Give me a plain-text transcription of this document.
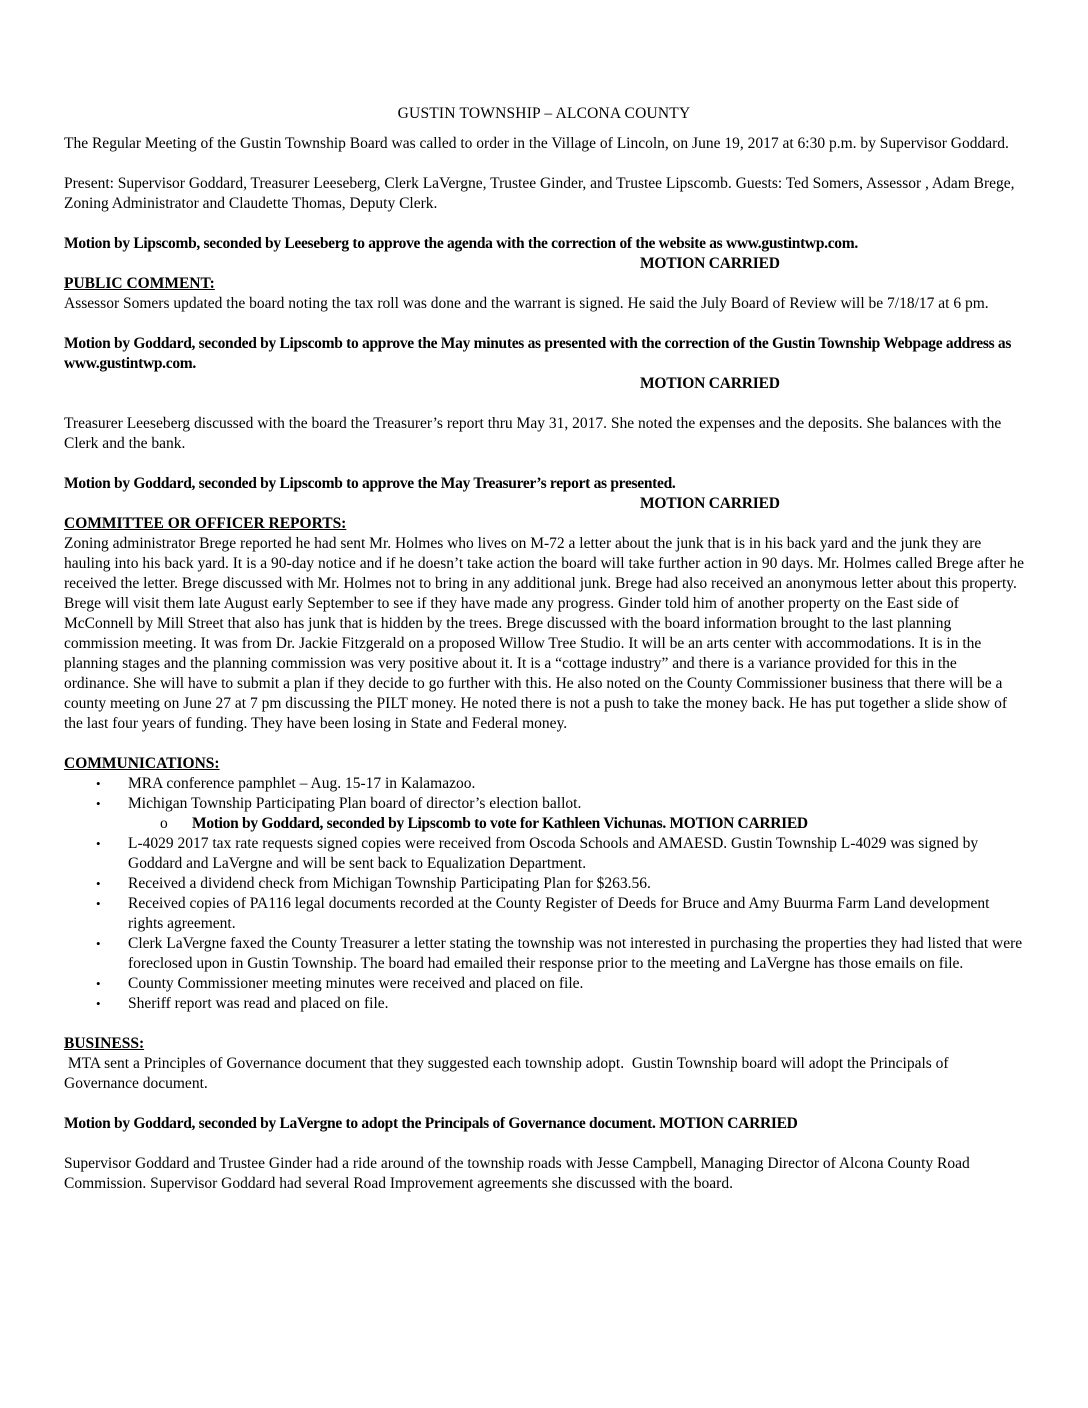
GUSTIN TOWNSHIP – ALCONA COUNTY

The Regular Meeting of the Gustin Township Board was called to order in the Village of Lincoln, on June 19, 2017 at 6:30 p.m. by Supervisor Goddard.

Present: Supervisor Goddard, Treasurer Leeseberg, Clerk LaVergne, Trustee Ginder, and Trustee Lipscomb. Guests: Ted Somers, Assessor , Adam Brege, Zoning Administrator and Claudette Thomas, Deputy Clerk.

Motion by Lipscomb, seconded by Leeseberg to approve the agenda with the correction of the website as www.gustintwp.com.

MOTION CARRIED

PUBLIC COMMENT:

Assessor Somers updated the board noting the tax roll was done and the warrant is signed. He said the July Board of Review will be 7/18/17 at 6 pm.

Motion by Goddard, seconded by Lipscomb to approve the May minutes as presented with the correction of the Gustin Township Webpage address as www.gustintwp.com.

MOTION CARRIED

Treasurer Leeseberg discussed with the board the Treasurer’s report thru May 31, 2017. She noted the expenses and the deposits. She balances with the Clerk and the bank.

Motion by Goddard, seconded by Lipscomb to approve the May Treasurer’s report as presented.

MOTION CARRIED

COMMITTEE OR OFFICER REPORTS:

Zoning administrator Brege reported he had sent Mr. Holmes who lives on M-72 a letter about the junk that is in his back yard and the junk they are hauling into his back yard. It is a 90-day notice and if he doesn’t take action the board will take further action in 90 days. Mr. Holmes called Brege after he received the letter. Brege discussed with Mr. Holmes not to bring in any additional junk. Brege had also received an anonymous letter about this property. Brege will visit them late August early September to see if they have made any progress. Ginder told him of another property on the East side of McConnell by Mill Street that also has junk that is hidden by the trees. Brege discussed with the board information brought to the last planning commission meeting. It was from Dr. Jackie Fitzgerald on a proposed Willow Tree Studio. It will be an arts center with accommodations. It is in the planning stages and the planning commission was very positive about it. It is a “cottage industry” and there is a variance provided for this in the ordinance. She will have to submit a plan if they decide to go further with this. He also noted on the County Commissioner business that there will be a county meeting on June 27 at 7 pm discussing the PILT money. He noted there is not a push to take the money back. He has put together a slide show of the last four years of funding. They have been losing in State and Federal money.

COMMUNICATIONS:

• MRA conference pamphlet – Aug. 15-17 in Kalamazoo.
• Michigan Township Participating Plan board of director’s election ballot.
o Motion by Goddard, seconded by Lipscomb to vote for Kathleen Vichunas. MOTION CARRIED
• L-4029 2017 tax rate requests signed copies were received from Oscoda Schools and AMAESD. Gustin Township L-4029 was signed by Goddard and LaVergne and will be sent back to Equalization Department.
• Received a dividend check from Michigan Township Participating Plan for $263.56.
• Received copies of PA116 legal documents recorded at the County Register of Deeds for Bruce and Amy Buurma Farm Land development rights agreement.
• Clerk LaVergne faxed the County Treasurer a letter stating the township was not interested in purchasing the properties they had listed that were foreclosed upon in Gustin Township. The board had emailed their response prior to the meeting and LaVergne has those emails on file.
• County Commissioner meeting minutes were received and placed on file.
• Sheriff report was read and placed on file.

BUSINESS:

MTA sent a Principles of Governance document that they suggested each township adopt.  Gustin Township board will adopt the Principals of Governance document.

Motion by Goddard, seconded by LaVergne to adopt the Principals of Governance document. MOTION CARRIED

Supervisor Goddard and Trustee Ginder had a ride around of the township roads with Jesse Campbell, Managing Director of Alcona County Road Commission. Supervisor Goddard had several Road Improvement agreements she discussed with the board.
